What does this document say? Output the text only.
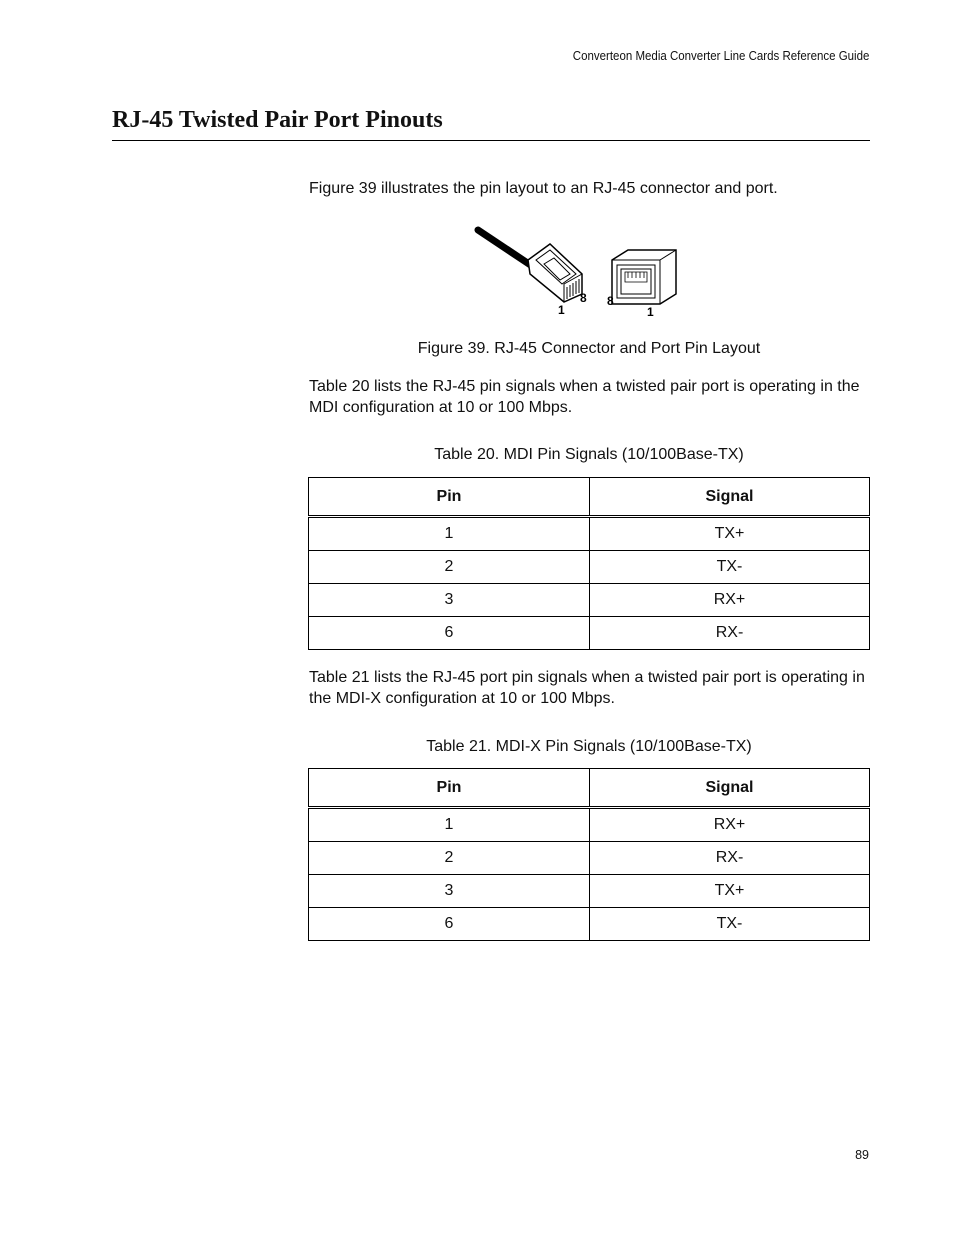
Converteon Media Converter Line Cards Reference Guide
RJ-45 Twisted Pair Port Pinouts

Figure 39 illustrates the pin layout to an RJ-45 connector and port.

1
8 8
1

Figure 39. RJ-45 Connector and Port Pin Layout

Table 20 lists the RJ-45 pin signals when a twisted pair port is operating in the MDI configuration at 10 or 100 Mbps.

Table 20. MDI Pin Signals (10/100Base-TX)

Pin	Signal
1	TX+
2	TX-
3	RX+
6	RX-

Table 21 lists the RJ-45 port pin signals when a twisted pair port is operating in the MDI-X configuration at 10 or 100 Mbps.

Table 21. MDI-X Pin Signals (10/100Base-TX)

Pin	Signal
1	RX+
2	RX-
3	TX+
6	TX-
89
